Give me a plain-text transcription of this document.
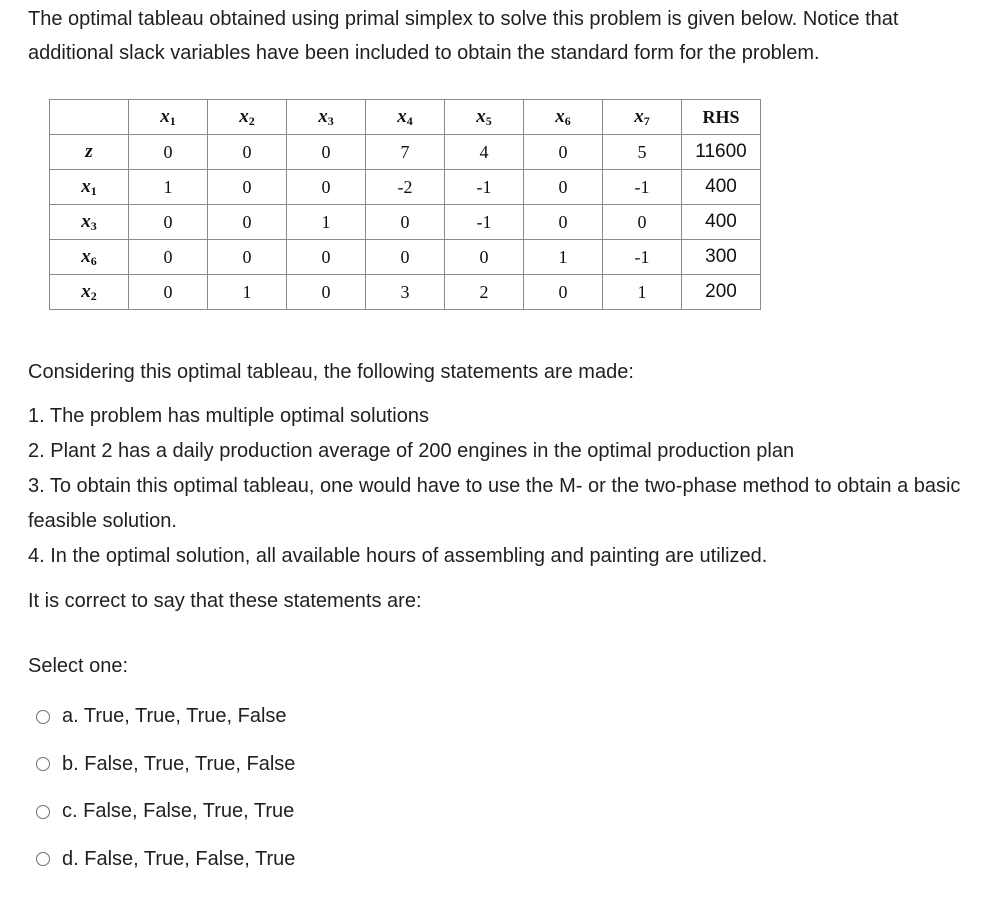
The optimal tableau obtained using primal simplex to solve this problem is given below. Notice that additional slack variables have been included to obtain the standard form for the problem.

	$x_1$	$x_2$	$x_3$	$x_4$	$x_5$	$x_6$	$x_7$	RHS
z	0	0	0	7	4	0	5	11600
$x_1$	1	0	0	-2	-1	0	-1	400
$x_3$	0	0	1	0	-1	0	0	400
$x_6$	0	0	0	0	0	1	-1	300
$x_2$	0	1	0	3	2	0	1	200

Considering this optimal tableau, the following statements are made:

1. The problem has multiple optimal solutions

2. Plant 2 has a daily production average of 200 engines in the optimal production plan

3. To obtain this optimal tableau, one would have to use the M- or the two-phase method to obtain a basic feasible solution.

4. In the optimal solution, all available hours of assembling and painting are utilized.

It is correct to say that these statements are:

Select one:
a. True, True, True, False
b. False, True, True, False
c. False, False, True, True
d. False, True, False, True
